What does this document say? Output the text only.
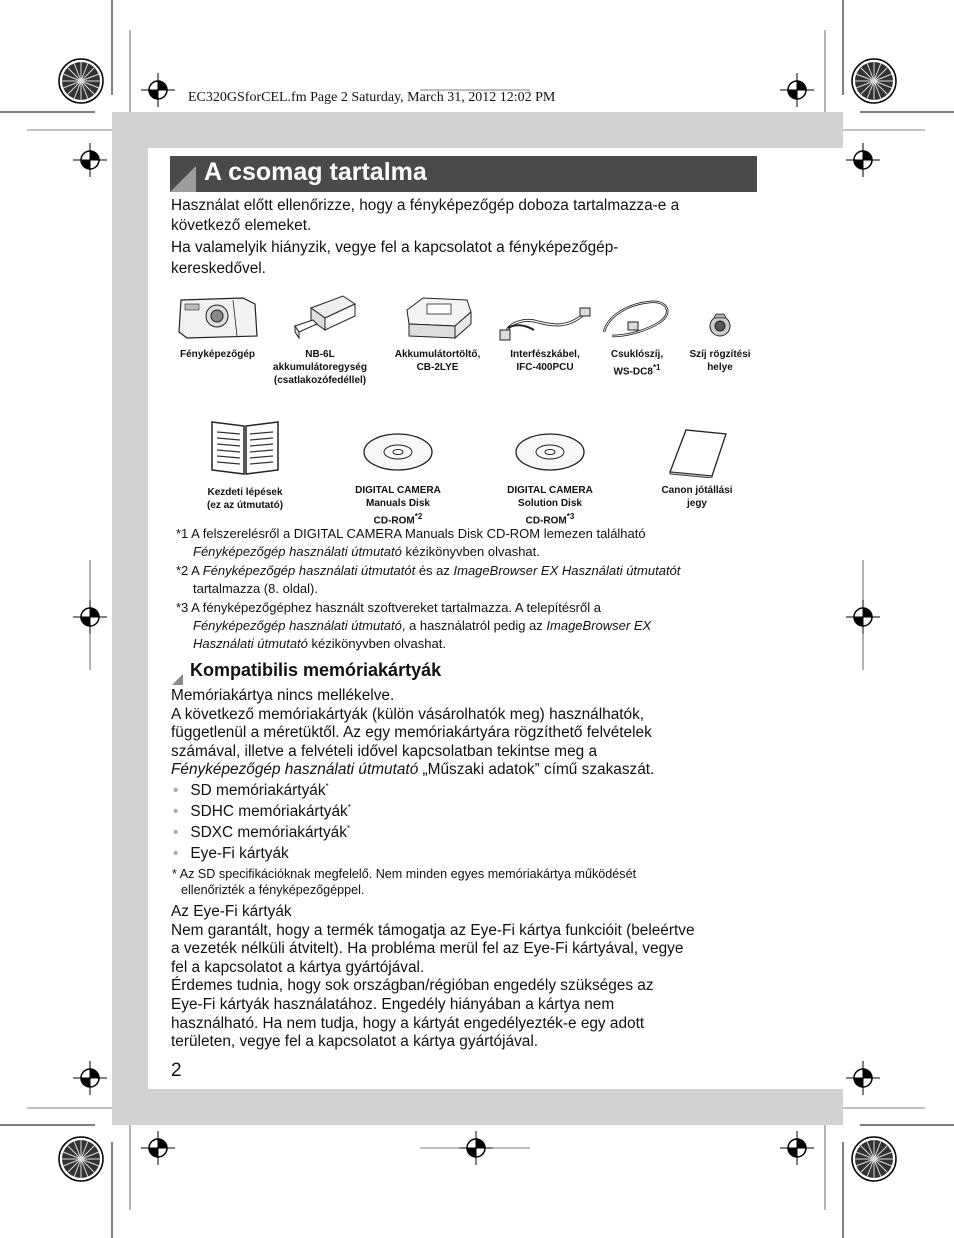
EC320GSforCEL.fm Page 2 Saturday, March 31, 2012 12:02 PM
A csomag tartalma

Használat előtt ellenőrizze, hogy a fényképezőgép doboza tartalmazza-e a

következő elemeket.

Ha valamelyik hiányzik, vegye fel a kapcsolatot a fényképezőgép-

kereskedővel.

Fényképezőgép	NB-6L
akkumulátoregység
(csatlakozófedéllel)
Akkumulátortöltő,
CB-2LYE
Interfészkábel,
IFC-400PCU
Csuklószíj,
WS-DC8$^{*1}$
Szíj rögzítési
helye
Kezdeti lépések
(ez az útmutató)
DIGITAL CAMERA
Manuals Disk
CD-ROM$^{*2}$
DIGITAL CAMERA
Solution Disk
CD-ROM$^{*3}$
Canon jótállási
jegy
*1 A felszerelésről a DIGITAL CAMERA Manuals Disk CD-ROM lemezen található
Fényképezőgép használati útmutató kézikönyvben olvashat.
*2 A Fényképezőgép használati útmutatót és az ImageBrowser EX Használati útmutatót
tartalmazza (8. oldal).
*3 A fényképezőgéphez használt szoftvereket tartalmazza. A telepítésről a
Fényképezőgép használati útmutató, a használatról pedig az ImageBrowser EX
Használati útmutató kézikönyvben olvashat.
Kompatibilis memóriakártyák
Memóriakártya nincs mellékelve.
A következő memóriakártyák (külön vásárolhatók meg) használhatók,
függetlenül a méretüktől. Az egy memóriakártyára rögzíthető felvételek
számával, illetve a felvételi idővel kapcsolatban tekintse meg a
Fényképezőgép használati útmutató „Műszaki adatok” című szakaszát.
• SD memóriakártyák*
• SDHC memóriakártyák*
• SDXC memóriakártyák*
• Eye-Fi kártyák
* Az SD specifikációknak megfelelő. Nem minden egyes memóriakártya működését
ellenőrizték a fényképezőgéppel.
Az Eye-Fi kártyák
Nem garantált, hogy a termék támogatja az Eye-Fi kártya funkcióit (beleértve
a vezeték nélküli átvitelt). Ha probléma merül fel az Eye-Fi kártyával, vegye
fel a kapcsolatot a kártya gyártójával.
Érdemes tudnia, hogy sok országban/régióban engedély szükséges az
Eye-Fi kártyák használatához. Engedély hiányában a kártya nem
használható. Ha nem tudja, hogy a kártyát engedélyezték-e egy adott
területen, vegye fel a kapcsolatot a kártya gyártójával.
2
